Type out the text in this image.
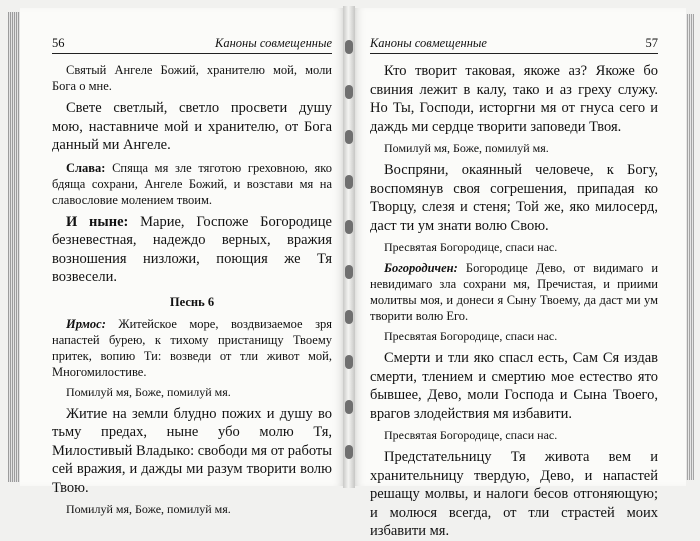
56	Каноны совмещенные
Святый Ангеле Божий, хранителю мой, моли Бога о мне.
Свете светлый, светло просвети душу мою, наставниче мой и хранителю, от Бога данный ми Ангеле.
Слава: Спяща мя зле тяготою греховною, яко бдяща сохрани, Ангеле Божий, и возстави мя на славословие молением твоим.
И ныне: Марие, Госпоже Богородице безневестная, надеждо верных, вражия возношения низложи, поющия же Тя возвесели.
Песнь 6
Ирмос: Житейское море, воздвизаемое зря напастей бурею, к тихому пристанищу Твоему притек, вопию Ти: возведи от тли живот мой, Многомилостиве.
Помилуй мя, Боже, помилуй мя.
Житие на земли блудно пожих и душу во тьму предах, ныне убо молю Тя, Милостивый Владыко: свободи мя от работы сей вражия, и дажды ми разум творити волю Твою.
Помилуй мя, Боже, помилуй мя.
Каноны совмещенные	57
Кто творит таковая, якоже аз? Якоже бо свиния лежит в калу, тако и аз греху служу. Но Ты, Господи, исторгни мя от гнуса сего и даждь ми сердце творити заповеди Твоя.
Помилуй мя, Боже, помилуй мя.
Воспряни, окаянный человече, к Богу, воспомянув своя согрешения, припадая ко Творцу, слезя и стеня; Той же, яко милосерд, даст ти ум знати волю Свою.
Пресвятая Богородице, спаси нас.
Богородичен: Богородице Дево, от видимаго и невидимаго зла сохрани мя, Пречистая, и приими молитвы моя, и донеси я Сыну Твоему, да даст ми ум творити волю Его.
Пресвятая Богородице, спаси нас.
Смерти и тли яко спасл есть, Сам Ся издав смерти, тлением и смертию мое естество ято бывшее, Дево, моли Господа и Сына Твоего, врагов злодействия мя избавити.
Пресвятая Богородице, спаси нас.
Предстательницу Тя живота вем и хранительницу твердую, Дево, и напастей решащу молвы, и налоги бесов отгоняющую; и молюся всегда, от тли страстей моих избавити мя.
